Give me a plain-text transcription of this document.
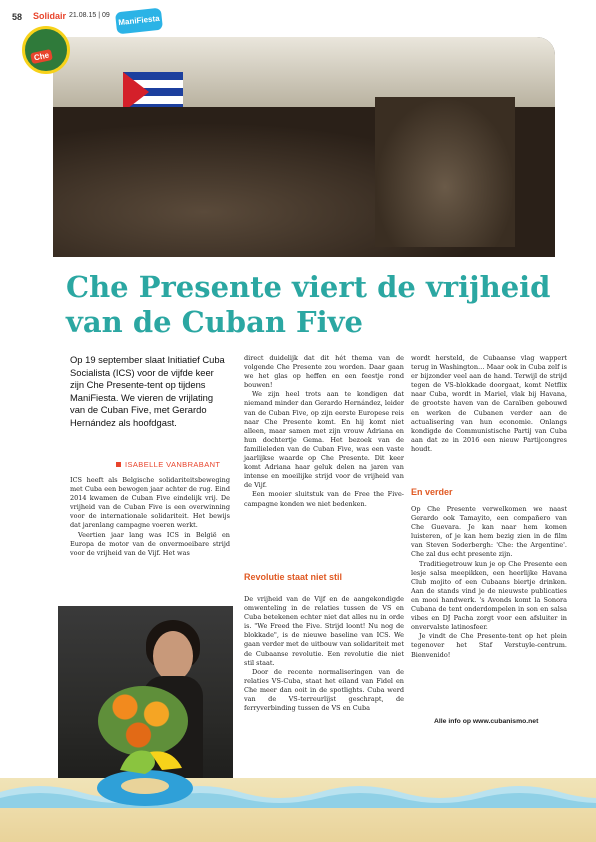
58 Solidair 21.08.15 | 09	ManiFiesta
Che
Che Presente viert de vrijheid van de Cuban Five

Op 19 september slaat Initiatief Cuba Socialista (ICS) voor de vijfde keer zijn Che Presente-tent op tijdens ManiFiesta. We vieren de vrijlating van de Cuban Five, met Gerardo Hernández als hoofdgast.

ISABELLE VANBRABANT

ICS heeft als Belgische solidariteitsbeweging met Cuba een bewogen jaar achter de rug. Eind 2014 kwamen de Cuban Five eindelijk vrij. De vrijheid van de Cuban Five is een overwinning voor de internationale solidariteit. Het bewijs dat jarenlang campagne voeren werkt.

Veertien jaar lang was ICS in België en Europa de motor van de onvermoeibare strijd voor de vrijheid van de Vijf. Het was

direct duidelijk dat dit hét thema van de volgende Che Presente zou worden. Daar gaan we het glas op heffen en een feestje rond bouwen!

We zijn heel trots aan te kondigen dat niemand minder dan Gerardo Hernández, leider van de Cuban Five, op zijn eerste Europese reis naar Che Presente komt. En hij komt niet alleen, maar samen met zijn vrouw Adriana en hun dochtertje Gema. Het bezoek van de familieleden van de Cuban Five, was een vaste jaarlijkse waarde op Che Presente. Dit keer komt Adriana haar geluk delen na jaren van intense en moeilijke strijd voor de vrijheid van de Vijf.

Een mooier sluitstuk van de Free the Five-campagne konden we niet bedenken.

Revolutie staat niet stil

De vrijheid van de Vijf en de aangekondigde omwenteling in de relaties tussen de VS en Cuba betekenen echter niet dat alles nu in orde is. "We Freed the Five. Strijd loont! Nu nog de blokkade", is de nieuwe baseline van ICS. We gaan verder met de uitbouw van solidariteit met de Cubaanse revolutie. Een revolutie die niet stil staat.

Door de recente normaliseringen van de relaties VS-Cuba, staat het eiland van Fidel en Che meer dan ooit in de spotlights. Cuba werd van de VS-terreurlijst geschrapt, de ferryverbinding tussen de VS en Cuba

wordt hersteld, de Cubaanse vlag wappert terug in Washington… Maar ook in Cuba zelf is er bijzonder veel aan de hand. Terwijl de strijd tegen de VS-blokkade doorgaat, komt Netflix naar Cuba, wordt in Mariel, vlak bij Havana, de grootste haven van de Caraïben gebouwd en werken de Cubanen verder aan de actualisering van hun economie. Onlangs kondigde de Communistische Partij van Cuba aan dat ze in 2016 een nieuw Partijcongres houdt.

En verder

Op Che Presente verwelkomen we naast Gerardo ook Tamayito, een compañero van Che Guevara. Je kan naar hem komen luisteren, of je kan hem bezig zien in de film van Steven Soderbergh: 'Che: the Argentine'. Che zal dus echt presente zijn.

Traditiegetrouw kun je op Che Presente een lesje salsa meepikken, een heerlijke Havana Club mojito of een Cubaans biertje drinken. Aan de stands vind je de nieuwste publicaties en mooi handwerk. 's Avonds komt la Sonora Cubana de tent onderdompelen in son en salsa vibes en DJ Pacha zorgt voor een afsluiter in onvervalste latinosfeer.

Je vindt de Che Presente-tent op het plein tegenover het Staf Verstuyle-centrum. Bienvenido!

Alle info op www.cubanismo.net
